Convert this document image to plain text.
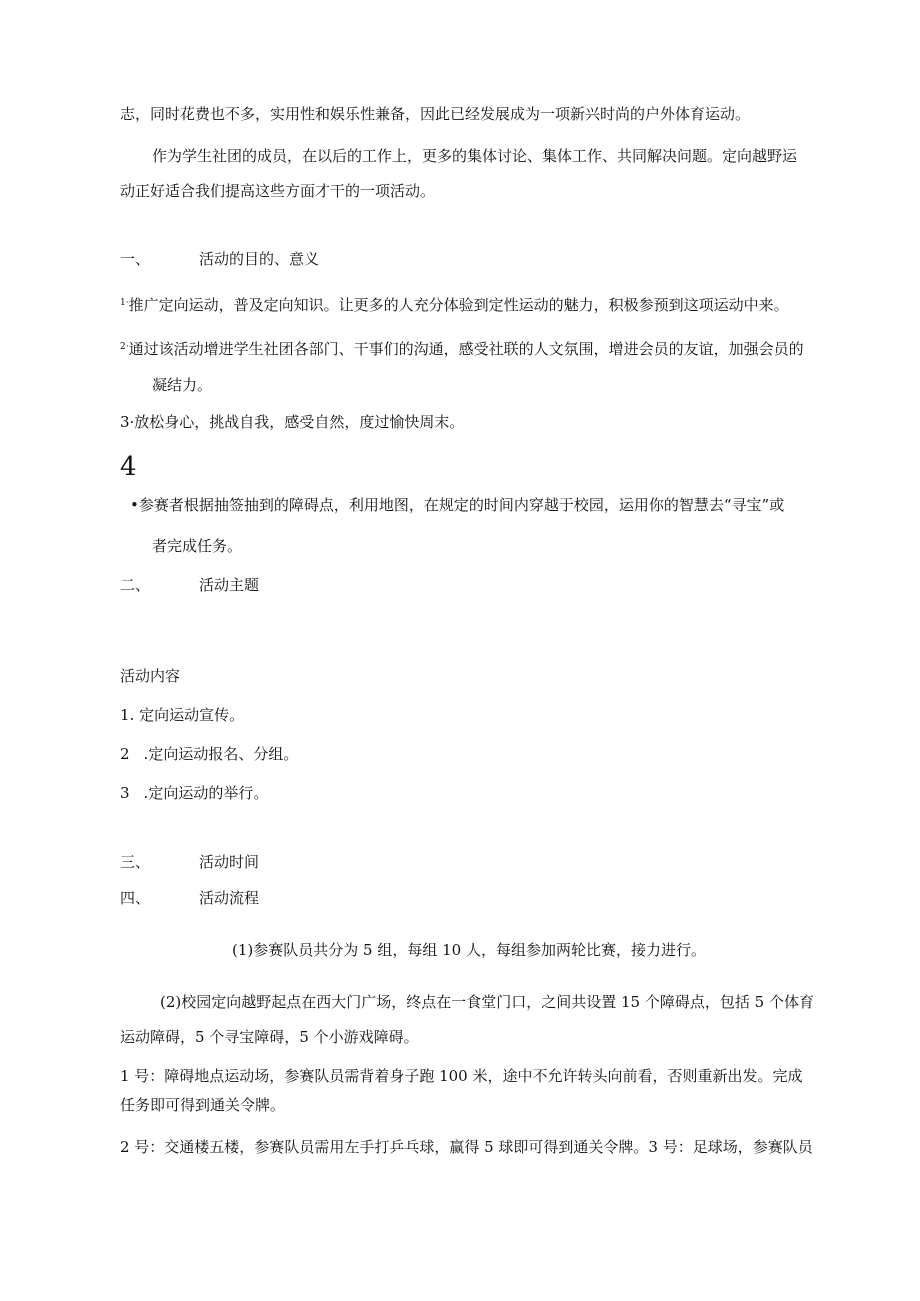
志，同时花费也不多，实用性和娱乐性兼备，因此已经发展成为一项新兴时尚的户外体育运动。

作为学生社团的成员，在以后的工作上，更多的集体讨论、集体工作、共同解决问题。定向越野运

动正好适合我们提高这些方面才干的一项活动。

一、	活动的目的、意义

$^{1\cdot}$推广定向运动，普及定向知识。让更多的人充分体验到定性运动的魅力，积极参预到这项运动中来。

$^{2\cdot}$通过该活动增进学生社团各部门、干事们的沟通，感受社联的人文氛围，增进会员的友谊，加强会员的

凝结力。

3·放松身心，挑战自我，感受自然，度过愉快周末。

4

•参赛者根据抽签抽到的障碍点，利用地图，在规定的时间内穿越于校园，运用你的智慧去“寻宝”或

者完成任务。

二、	活动主题

活动内容

1. 定向运动宣传。

2 .定向运动报名、分组。

3 .定向运动的举行。

三、	活动时间
四、	活动流程

(1)参赛队员共分为 5 组，每组 10 人，每组参加两轮比赛，接力进行。

(2)校园定向越野起点在西大门广场，终点在一食堂门口，之间共设置 15 个障碍点，包括 5 个体育

运动障碍，5 个寻宝障碍，5 个小游戏障碍。

1 号：障碍地点运动场，参赛队员需背着身子跑 100 米，途中不允许转头向前看，否则重新出发。完成

任务即可得到通关令牌。

2 号：交通楼五楼，参赛队员需用左手打乒乓球，赢得 5 球即可得到通关令牌。3 号：足球场，参赛队员
